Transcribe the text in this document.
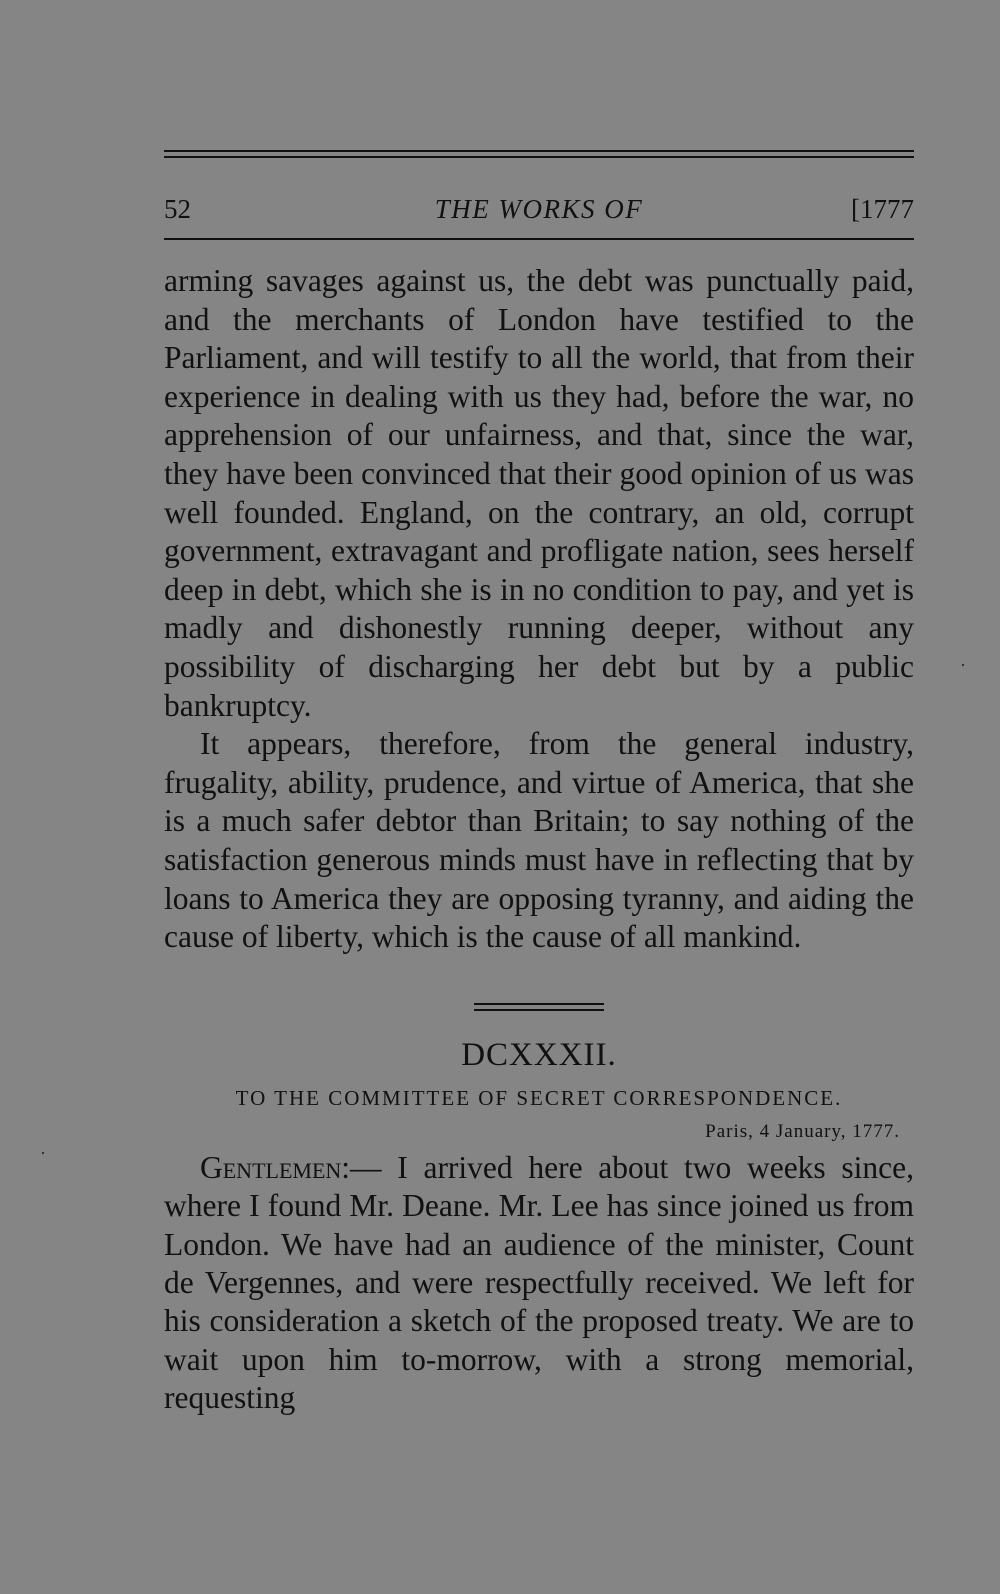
52	THE WORKS OF	[1777

arming savages against us, the debt was punctually paid, and the merchants of London have testified to the Parliament, and will testify to all the world, that from their experience in dealing with us they had, before the war, no apprehension of our unfairness, and that, since the war, they have been convinced that their good opinion of us was well founded. England, on the contrary, an old, corrupt government, extravagant and profligate nation, sees herself deep in debt, which she is in no condition to pay, and yet is madly and dishonestly running deeper, without any possibility of discharging her debt but by a public bankruptcy.

It appears, therefore, from the general industry, frugality, ability, prudence, and virtue of America, that she is a much safer debtor than Britain; to say nothing of the satisfaction generous minds must have in reflecting that by loans to America they are opposing tyranny, and aiding the cause of liberty, which is the cause of all mankind.

DCXXXII.
TO THE COMMITTEE OF SECRET CORRESPONDENCE.
Paris, 4 January, 1777.

Gentlemen:— I arrived here about two weeks since, where I found Mr. Deane. Mr. Lee has since joined us from London. We have had an audience of the minister, Count de Vergennes, and were respectfully received. We left for his consideration a sketch of the proposed treaty. We are to wait upon him to-morrow, with a strong memorial, requesting
